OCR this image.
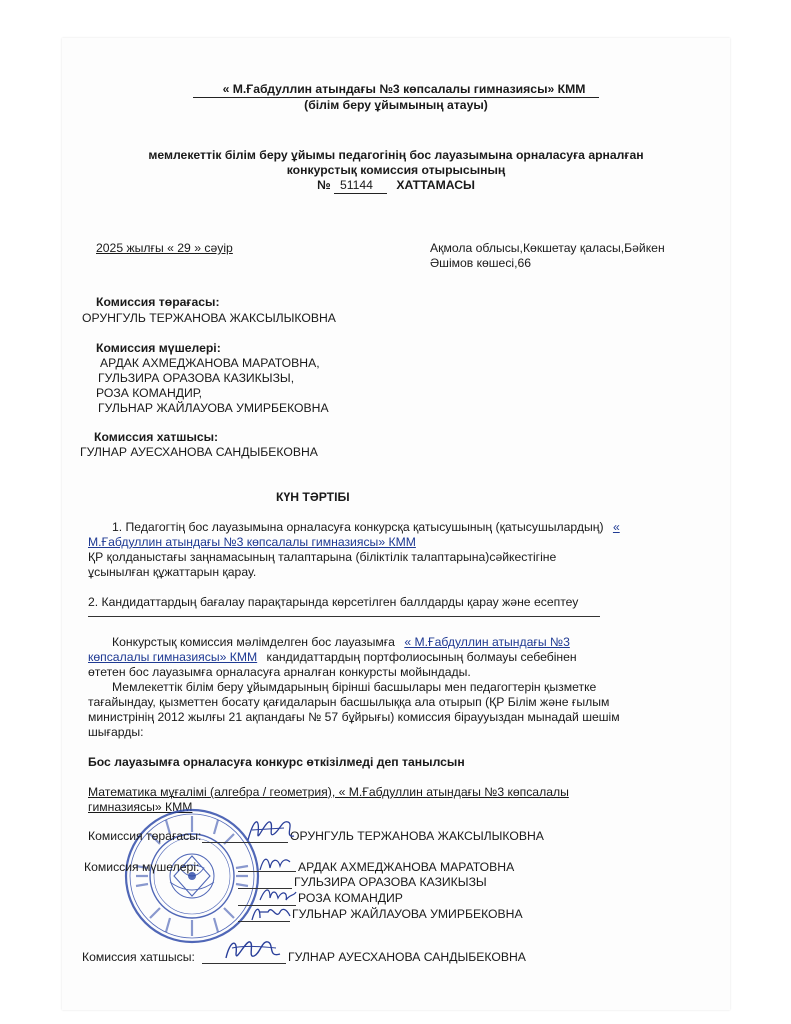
« М.Ғабдуллин атындағы №3 көпсалалы гимназиясы» КММ
(білім беру ұйымының атауы)
мемлекеттік білім беру ұйымы педагогінің бос лауазымына орналасуға арналған
конкурстық комиссия отырысының
№ 51144 ХАТТАМАСЫ
2025 жылғы « 29 » сәуір	Ақмола облысы,Көкшетау қаласы,Бәйкен
Әшімов көшесі,66
Комиссия төрағасы:
ОРУНГУЛЬ ТЕРЖАНОВА ЖАКСЫЛЫКОВНА
Комиссия мүшелері:
АРДАК АХМЕДЖАНОВА МАРАТОВНА,
ГУЛЬЗИРА ОРАЗОВА КАЗИКЫЗЫ,
РОЗА КОМАНДИР,
ГУЛЬНАР ЖАЙЛАУОВА УМИРБЕКОВНА
Комиссия хатшысы:
ГУЛНАР АУЕСХАНОВА САНДЫБЕКОВНА
КҮН ТӘРТІБІ
1. Педагогтің бос лауазымына орналасуға конкурсқа қатысушының (қатысушылардың) «
М.Ғабдуллин атындағы №3 көпсалалы гимназиясы» КММ
ҚР қолданыстағы заңнамасының талаптарына (біліктілік талаптарына)сәйкестігіне
ұсынылған құжаттарын қарау.
2. Кандидаттардың бағалау парақтарында көрсетілген баллдарды қарау және есептеу
Конкурстық комиссия мәлімделген бос лауазымға « М.Ғабдуллин атындағы №3
көпсалалы гимназиясы» КММ кандидаттардың портфолиосының болмауы себебінен
өтетен бос лауазымға орналасуға арналған конкурсты мойындады.
Мемлекеттік білім беру ұйымдарының бірінші басшылары мен педагогтерін қызметке
тағайындау, қызметтен босату қағидаларын басшылыққа ала отырып (ҚР Білім және ғылым
министрінің 2012 жылғы 21 ақпандағы № 57 бұйрығы) комиссия біраууыздан мынадай шешім
шығарды:
Бос лауазымға орналасуға конкурс өткізілмеді деп танылсын
Математика мұғалімі (алгебра / геометрия), « М.Ғабдуллин атындағы №3 көпсалалы
гимназиясы» КММ
Комиссия төрағасы:	ОРУНГУЛЬ ТЕРЖАНОВА ЖАКСЫЛЫКОВНА
Комиссия мүшелері:	АРДАК АХМЕДЖАНОВА МАРАТОВНА
ГУЛЬЗИРА ОРАЗОВА КАЗИКЫЗЫ
РОЗА КОМАНДИР
ГУЛЬНАР ЖАЙЛАУОВА УМИРБЕКОВНА
Комиссия хатшысы:	ГУЛНАР АУЕСХАНОВА САНДЫБЕКОВНА
